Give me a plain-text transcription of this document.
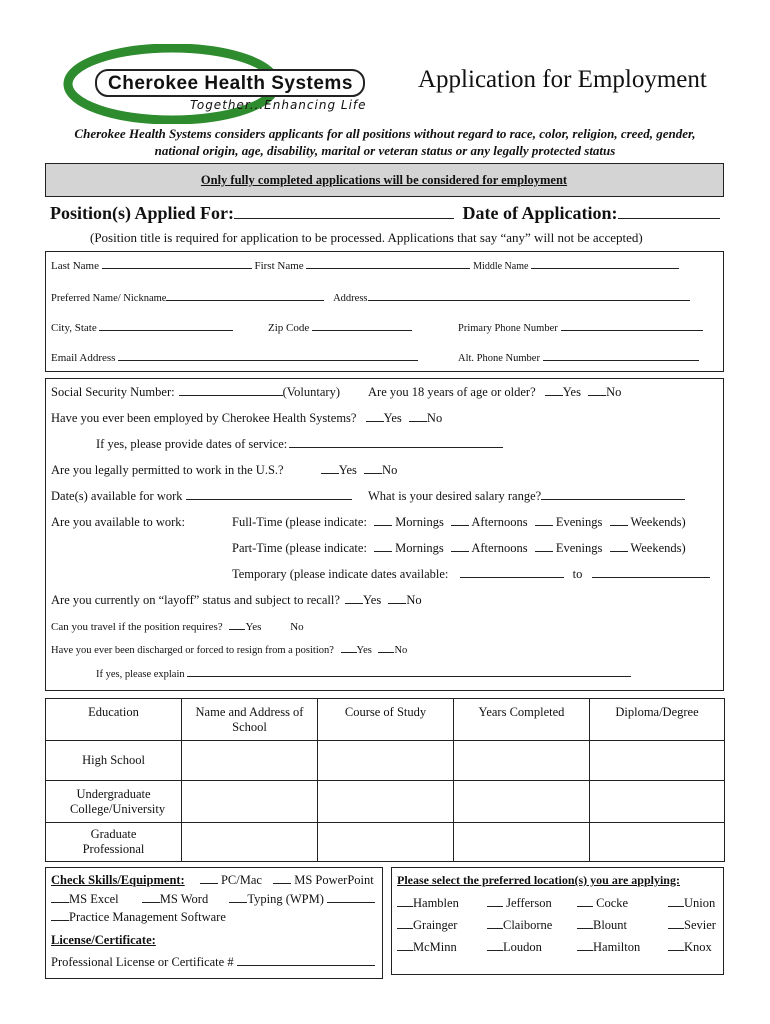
Cherokee Health Systems
Together...Enhancing Life
Application for Employment
Cherokee Health Systems considers applicants for all positions without regard to race, color, religion, creed, gender,
national origin, age, disability, marital or veteran status or any legally protected status
Only fully completed applications will be considered for employment
Position(s) Applied For:	Date of Application:
(Position title is required for application to be processed. Applications that say “any” will not be accepted)
Last Name	First Name	Middle Name
Preferred Name/ Nickname	Address
City, State	Zip Code	Primary Phone Number
Email Address	Alt. Phone Number
Social Security Number:	(Voluntary) Are you 18 years of age or older? Yes No
Have you ever been employed by Cherokee Health Systems? Yes No
If yes, please provide dates of service:
Are you legally permitted to work in the U.S.?	Yes No
Date(s) available for work	What is your desired salary range?
Are you available to work:	Full-Time (please indicate: Mornings Afternoons Evenings Weekends)
Part-Time (please indicate: Mornings Afternoons Evenings Weekends)
Temporary (please indicate dates available:	to
Are you currently on “layoff” status and subject to recall? Yes No
Can you travel if the position requires? Yes	No
Have you ever been discharged or forced to resign from a position? Yes No
If yes, please explain
Education	Name and Address of School	Course of Study	Years Completed	Diploma/Degree
High School				
Undergraduate College/University				
Graduate Professional				
Check Skills/Equipment:	PC/Mac	MS PowerPoint
MS Excel	MS Word	Typing (WPM)
Practice Management Software
License/Certificate:
Professional License or Certificate #
Please select the preferred location(s) you are applying:
Hamblen	Jefferson	Cocke	Union
Grainger	Claiborne	Blount	Sevier
McMinn	Loudon	Hamilton	Knox
